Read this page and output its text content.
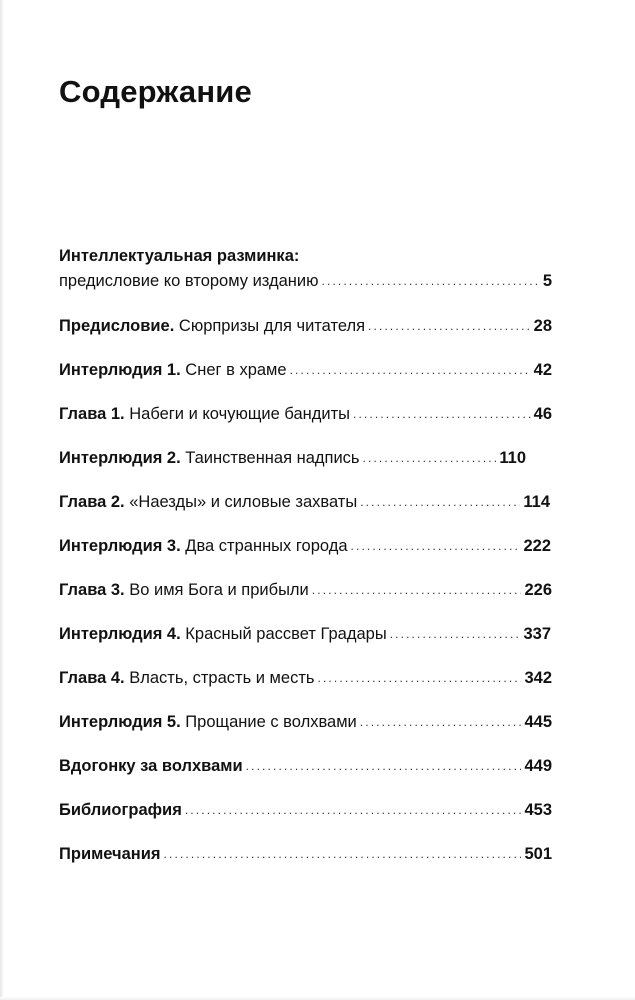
Содержание
Интеллектуальная разминка:
предисловие ко второму изданию . . .	5
Предисловие. Сюрпризы для читателя . . .	28
Интерлюдия 1. Снег в храме . . .	42
Глава 1. Набеги и кочующие бандиты . . .	46
Интерлюдия 2. Таинственная надпись . . .	110
Глава 2. «Наезды» и силовые захваты . . .	114
Интерлюдия 3. Два странных города . . .	222
Глава 3. Во имя Бога и прибыли . . .	226
Интерлюдия 4. Красный рассвет Градары . . .	337
Глава 4. Власть, страсть и месть . . .	342
Интерлюдия 5. Прощание с волхвами . . .	445
Вдогонку за волхвами . . .	449
Библиография . . .	453
Примечания . . .	501
